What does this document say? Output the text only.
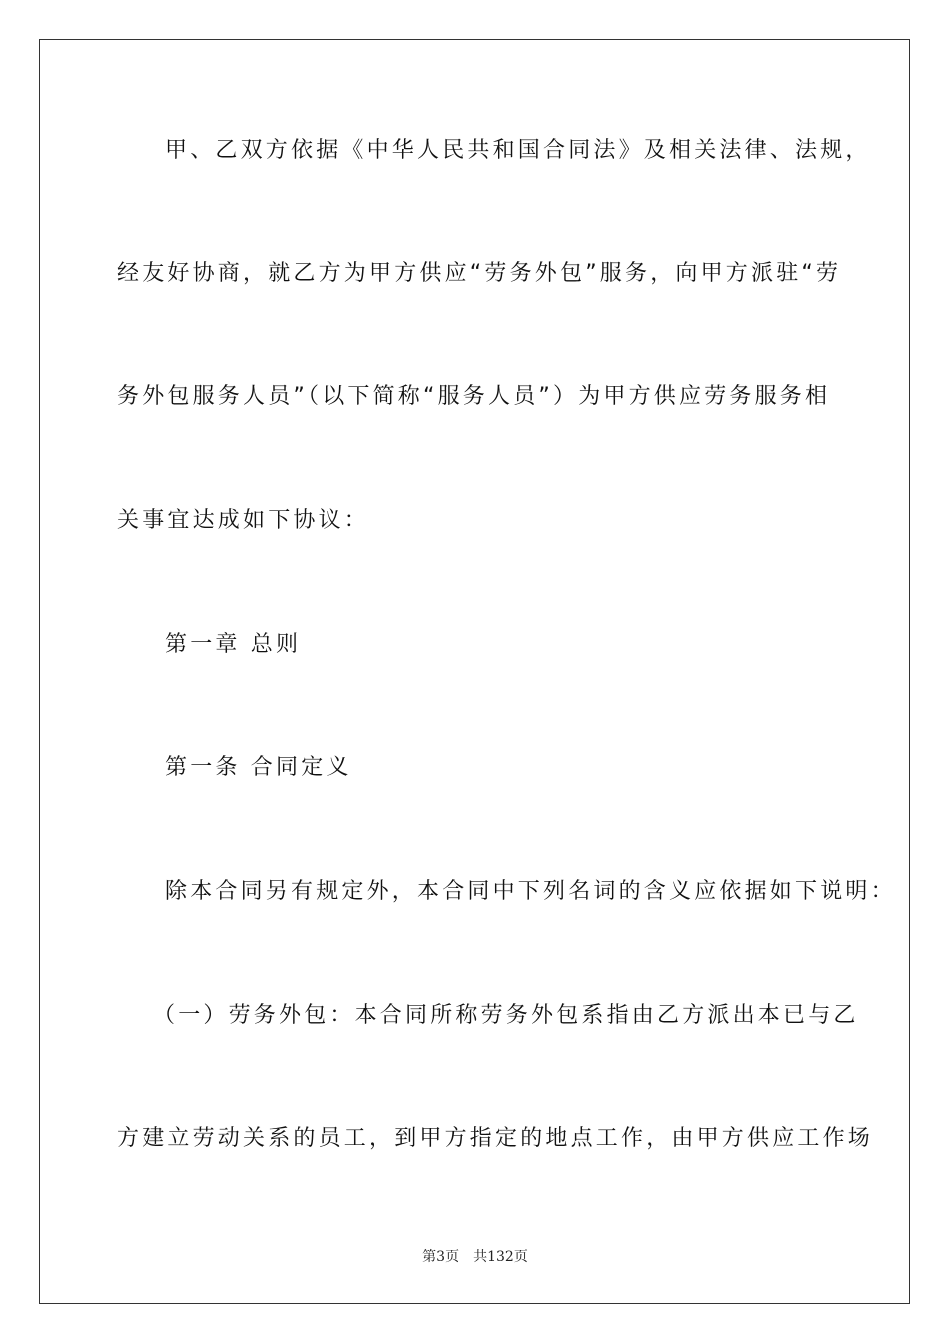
甲、乙双方依据《中华人民共和国合同法》及相关法律、法规，
经友好协商，就乙方为甲方供应“劳务外包”服务，向甲方派驻“劳
务外包服务人员”（以下简称“服务人员”）为甲方供应劳务服务相
关事宜达成如下协议：
第一章 总则
第一条 合同定义
除本合同另有规定外，本合同中下列名词的含义应依据如下说明：
（一）劳务外包：本合同所称劳务外包系指由乙方派出本已与乙
方建立劳动关系的员工，到甲方指定的地点工作，由甲方供应工作场
第3页 共132页
